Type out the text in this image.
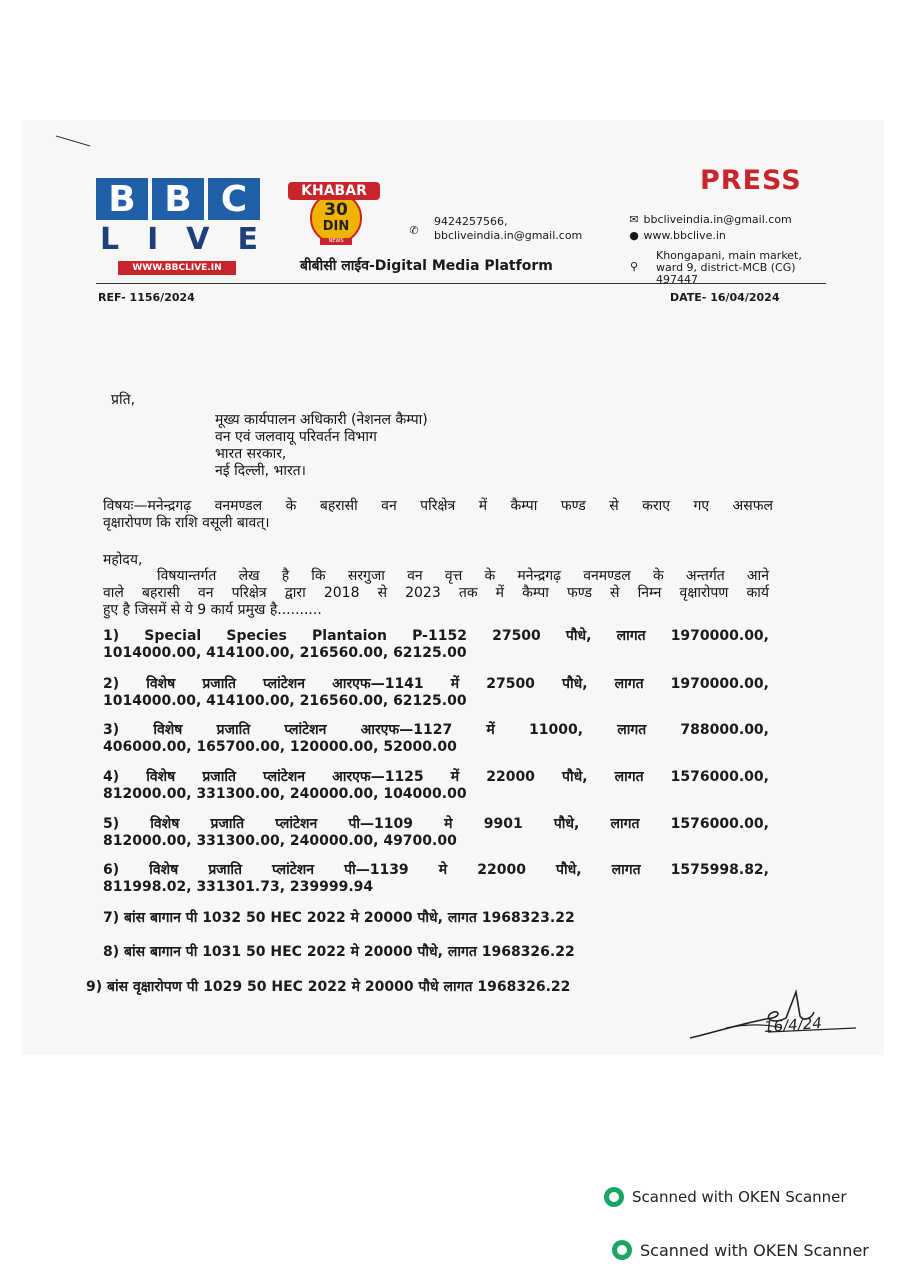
B B C
L I V E
WWW.BBCLIVE.IN
30
DIN
KHABAR
NEWS NETWORK
PRESS
✆
9424257566,
bbcliveindia.in@gmail.com
✉ bbcliveindia.in@gmail.com
● www.bbclive.in
⚲
Khongapani, main market,
ward 9, district-MCB (CG)
497447
बीबीसी लाईव-Digital Media Platform
REF- 1156/2024	DATE- 16/04/2024
प्रति,
मूख्य कार्यपालन अधिकारी (नेशनल कैम्पा)
वन एवं जलवायू परिवर्तन विभाग
भारत सरकार,
नई दिल्ली, भारत।
विषयः—मनेन्द्रगढ़ वनमण्डल के बहरासी वन परिक्षेत्र में कैम्पा फण्ड से कराए गए असफल
वृक्षारोपण कि राशि वसूली बावत्।
महोदय,
विषयान्तर्गत लेख है कि सरगुजा वन वृत्त के मनेन्द्रगढ़ वनमण्डल के अन्तर्गत आने
वाले बहरासी वन परिक्षेत्र द्वारा 2018 से 2023 तक में कैम्पा फण्ड से निम्न वृक्षारोपण कार्य
हुए है जिसमें से ये 9 कार्य प्रमुख है..........
1) Special Species Plantaion P-1152 27500 पौधे, लागत 1970000.00,
1014000.00, 414100.00, 216560.00, 62125.00
2) विशेष प्रजाति प्लांटेशन आरएफ—1141 में 27500 पौधे, लागत 1970000.00,
1014000.00, 414100.00, 216560.00, 62125.00
3) विशेष प्रजाति प्लांटेशन आरएफ—1127 में 11000, लागत 788000.00,
406000.00, 165700.00, 120000.00, 52000.00
4) विशेष प्रजाति प्लांटेशन आरएफ—1125 में 22000 पौधे, लागत 1576000.00,
812000.00, 331300.00, 240000.00, 104000.00
5) विशेष प्रजाति प्लांटेशन पी—1109 मे 9901 पौधे, लागत 1576000.00,
812000.00, 331300.00, 240000.00, 49700.00
6) विशेष प्रजाति प्लांटेशन पी—1139 मे 22000 पौधे, लागत 1575998.82,
811998.02, 331301.73, 239999.94
7) बांस बागान पी 1032 50 HEC 2022 मे 20000 पौधे, लागत 1968323.22
8) बांस बागान पी 1031 50 HEC 2022 मे 20000 पौधे, लागत 1968326.22
9) बांस वृक्षारोपण पी 1029 50 HEC 2022 मे 20000 पौधे लागत 1968326.22
16/4/24
Scanned with OKEN Scanner
Scanned with OKEN Scanner
